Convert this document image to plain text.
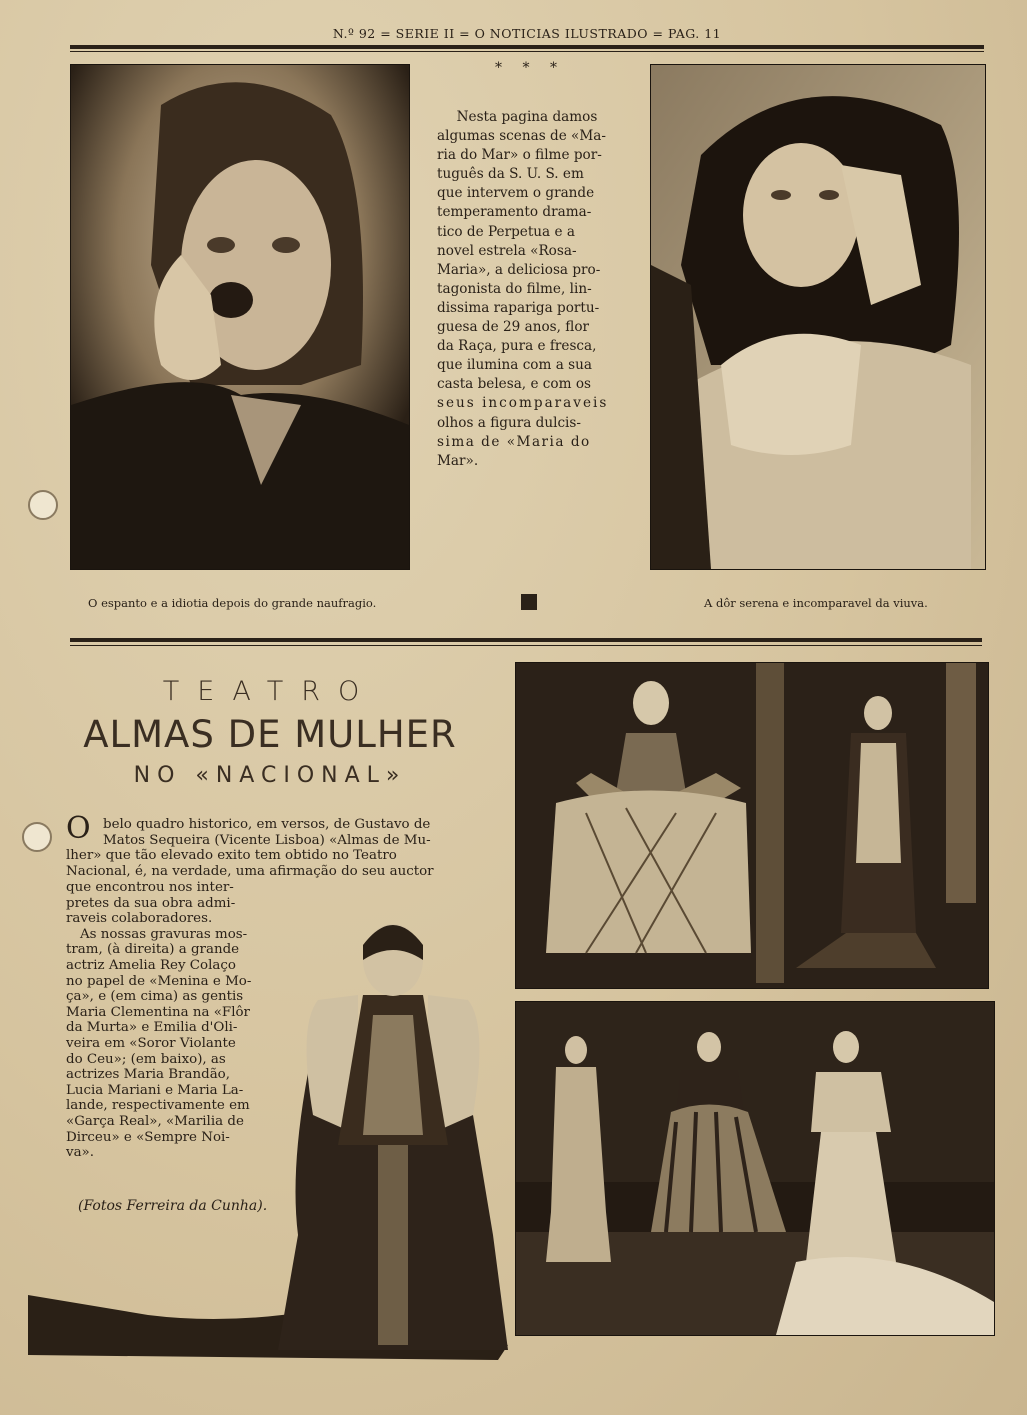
N.º 92 = SERIE II = O NOTICIAS ILUSTRADO = PAG. 11
* * *
Nesta pagina damos
algumas scenas de «Ma-
ria do Mar» o filme por-
tuguês da S. U. S. em
que intervem o grande
temperamento drama-
tico de Perpetua e a
novel estrela «Rosa-
Maria», a deliciosa pro-
tagonista do filme, lin-
dissima rapariga portu-
guesa de 29 anos, flor
da Raça, pura e fresca,
que ilumina com a sua
casta belesa, e com os
seus incomparaveis
olhos a figura dulcis-
sima de «Maria do
Mar».
O espanto e a idiotia depois do grande naufragio.	A dôr serena e incomparavel da viuva.
TEATRO
ALMAS DE MULHER
NO «NACIONAL»
O belo quadro historico, em versos, de Gustavo de
Matos Sequeira (Vicente Lisboa) «Almas de Mu-
lher» que tão elevado exito tem obtido no Teatro
Nacional, é, na verdade, uma afirmação do seu auctor
que encontrou nos inter-
pretes da sua obra admi-
raveis colaboradores.
As nossas gravuras mos-
tram, (à direita) a grande
actriz Amelia Rey Colaço
no papel de «Menina e Mo-
ça», e (em cima) as gentis
Maria Clementina na «Flôr
da Murta» e Emilia d'Oli-
veira em «Soror Violante
do Ceu»; (em baixo), as
actrizes Maria Brandão,
Lucia Mariani e Maria La-
lande, respectivamente em
«Garça Real», «Marilia de
Dirceu» e «Sempre Noi-
va».
(Fotos Ferreira da Cunha).
